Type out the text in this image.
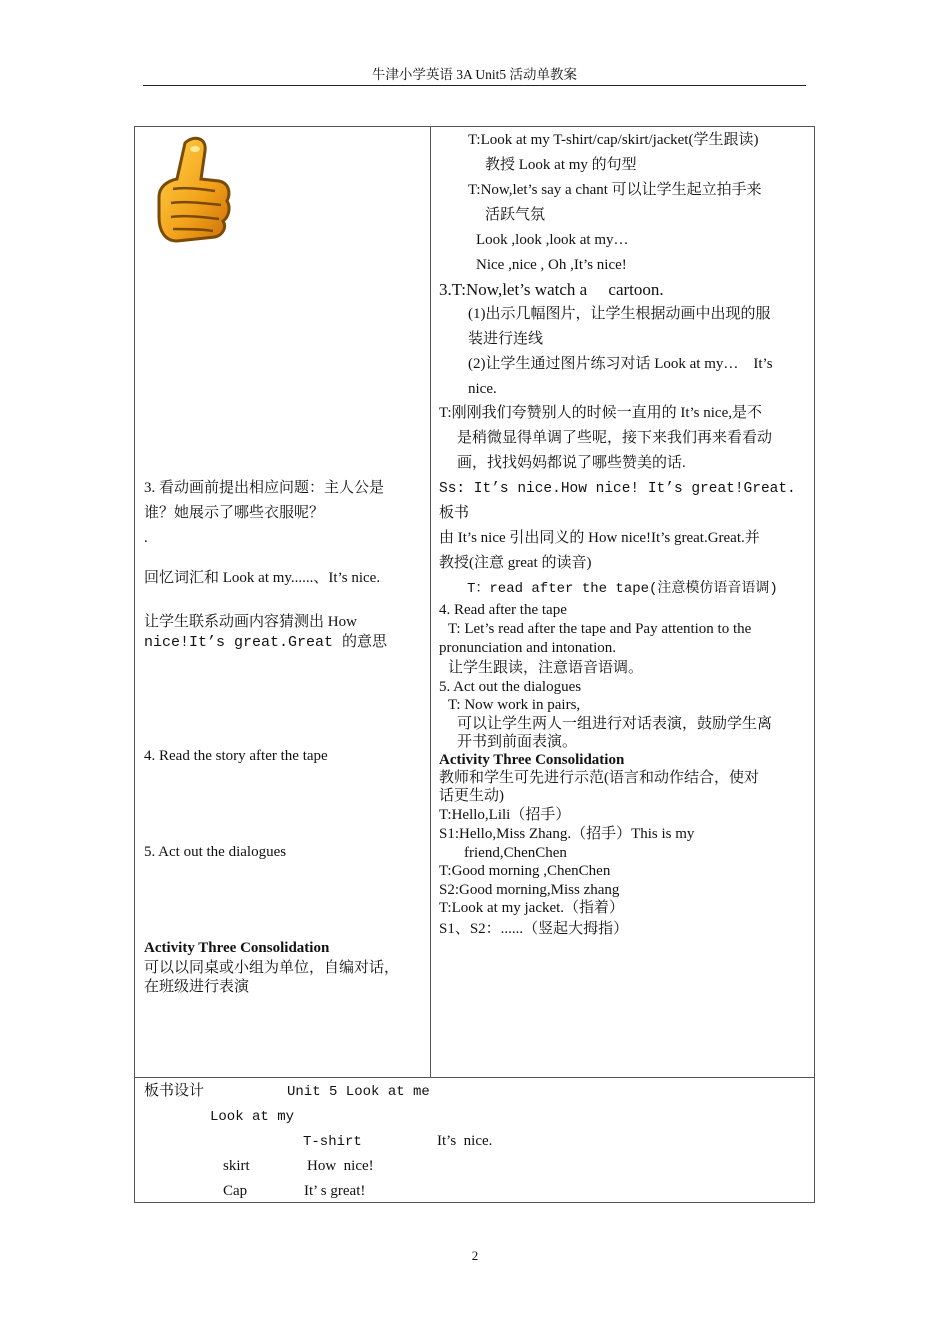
牛津小学英语 3A Unit5 活动单教案
3. 看动画前提出相应问题：主人公是
谁？她展示了哪些衣服呢？
.
回忆词汇和 Look at my......、It’s nice.
让学生联系动画内容猜测出 How
nice!It’s great.Great 的意思
4. Read the story after the tape
5. Act out the dialogues
Activity Three Consolidation
可以以同桌或小组为单位，自编对话，
在班级进行表演
T:Look at my T-shirt/cap/skirt/jacket(学生跟读)
教授 Look at my 的句型
T:Now,let’s say a chant 可以让学生起立拍手来
活跃气氛
Look ,look ,look at my…
Nice ,nice , Oh ,It’s nice!
3.T:Now,let’s watch a     cartoon.
(1)出示几幅图片，让学生根据动画中出现的服
装进行连线
(2)让学生通过图片练习对话 Look at my…    It’s
nice.
T:刚刚我们夸赞别人的时候一直用的 It’s nice,是不
是稍微显得单调了些呢，接下来我们再来看看动
画，找找妈妈都说了哪些赞美的话.
Ss: It’s nice.How nice! It’s great!Great.
板书
由 It’s nice 引出同义的 How nice!It’s great.Great.并
教授(注意 great 的读音)
T：read after the tape(注意模仿语音语调)
4. Read after the tape
T: Let’s read after the tape and Pay attention to the
pronunciation and intonation.
让学生跟读，注意语音语调。
5. Act out the dialogues
T: Now work in pairs,
可以让学生两人一组进行对话表演，鼓励学生离
开书到前面表演。
Activity Three Consolidation
教师和学生可先进行示范(语言和动作结合，使对
话更生动)
T:Hello,Lili（招手）
S1:Hello,Miss Zhang.（招手）This is my
friend,ChenChen
T:Good morning ,ChenChen
S2:Good morning,Miss zhang
T:Look at my jacket.（指着）
S1、S2：......（竖起大拇指）
板书设计	Unit 5 Look at me
Look at my
T-shirt	It’s  nice.
skirt	How  nice!
Cap	It’ s great!
2
